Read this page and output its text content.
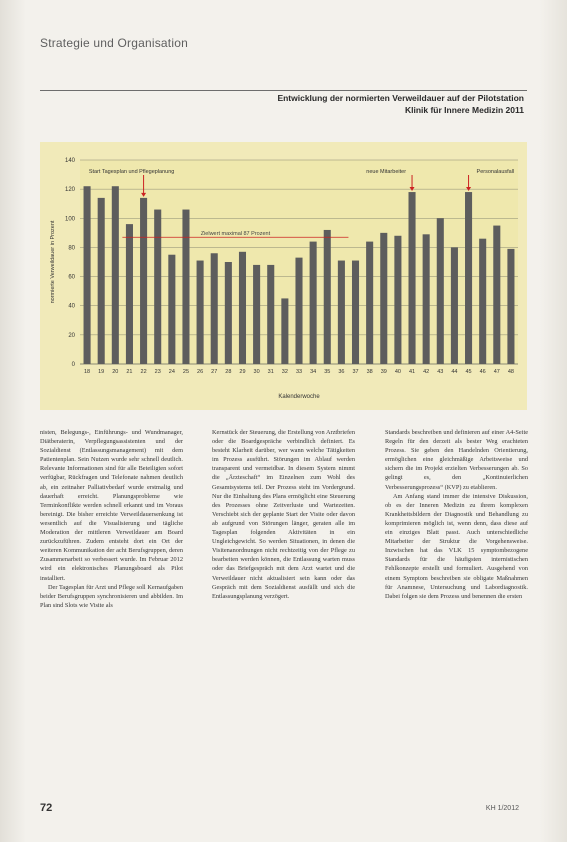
Strategie und Organisation
Entwicklung der normierten Verweildauer auf der Pilotstation
Klinik für Innere Medizin 2011
0
20
40
60
80
100
120
140
18 19 20 21 22 23 24 25 26 27 28 29 30 31 32 33 34 35 36 37 38 39 40 41 42 43 44 45 46 47 48
Zielwert maximal 87 Prozent
Start Tagesplan und Pflegeplanung	neue Mitarbeiter	Personalausfall
Kalenderwoche
normierte Verweildauer in Prozent

nisten, Belegungs-, Einführungs- und Wundmanager, Diätberaterin, Verpflegungsassistenten und der Sozialdienst (Entlassungsmanagement) mit dem Patientenplan. Sein Nutzen wurde sehr schnell deutlich. Relevante Informationen sind für alle Beteiligten sofort verfügbar, Rückfragen und Telefonate nahmen deutlich ab, ein zeitnaher Palliativbedarf wurde erstmalig und dauerhaft erreicht. Planungsprobleme wie Terminkonflikte werden schnell erkannt und im Voraus bereinigt. Die bisher erreichte Verweildauersenkung ist wesentlich auf die Visualisierung und tägliche Moderation der mittleren Verweildauer am Board zurückzuführen. Zudem entsteht dort ein Ort der weiteren Kommunikation der acht Berufsgruppen, deren Zusammenarbeit so verbessert wurde. Im Februar 2012 wird ein elektronisches Planungsboard als Pilot installiert.

Der Tagesplan für Arzt und Pflege soll Kernaufgaben beider Berufsgruppen synchronisieren und abbilden. Im Plan sind Slots wie Visite als

Kernstück der Steuerung, die Erstellung von Arztbriefen oder die Boardgespräche verbindlich definiert. Es besteht Klarheit darüber, wer wann welche Tätigkeiten im Prozess ausführt. Störungen im Ablauf werden transparent und vermeidbar. In diesem System nimmt die „Ärzteschaft“ im Einzelnen zum Wohl des Gesamtsystems teil. Der Prozess steht im Vordergrund. Nur die Einhaltung des Plans ermöglicht eine Steuerung des Prozesses ohne Zeitverluste und Wartezeiten. Verschiebt sich der geplante Start der Visite oder davon ab aufgrund von Störungen länger, geraten alle im Tagesplan folgenden Aktivitäten in ein Ungleichgewicht. So werden Situationen, in denen die Visitenanordnungen nicht rechtzeitig von der Pflege zu bearbeiten werden können, die Entlassung warten muss oder das Briefgespräch mit dem Arzt wartet und die Verweildauer nicht aktualisiert sein kann oder das Gespräch mit dem Sozialdienst ausfällt und sich die Entlassungsplanung verzögert.

Standards beschreiben und definieren auf einer A4-Seite Regeln für den derzeit als bester Weg erachteten Prozess. Sie geben den Handelnden Orientierung, ermöglichen eine gleichmäßige Arbeitsweise und sichern die im Projekt erzielten Verbesserungen ab. So gelingt es, den „Kontinuierlichen Verbesserungsprozess“ (KVP) zu etablieren.

Am Anfang stand immer die intensive Diskussion, ob es der Inneren Medizin zu ihrem komplexen Krankheitsbildern der Diagnostik und Behandlung zu komprimieren möglich ist, wenn denn, dass diese auf ein einziges Blatt passt. Auch unterschiedliche Mitarbeiter der Struktur die Vorgehensweise. Inzwischen hat das VLK 15 symptombezogene Standards für die häufigsten internistischen Fehlkonzepte erstellt und formuliert. Ausgehend von einem Symptom beschreiben sie obligate Maßnahmen für Anamnese, Untersuchung und Labordiagnostik. Dabei folgen sie dem Prozess und benennen die ersten

72	KH 1/2012
